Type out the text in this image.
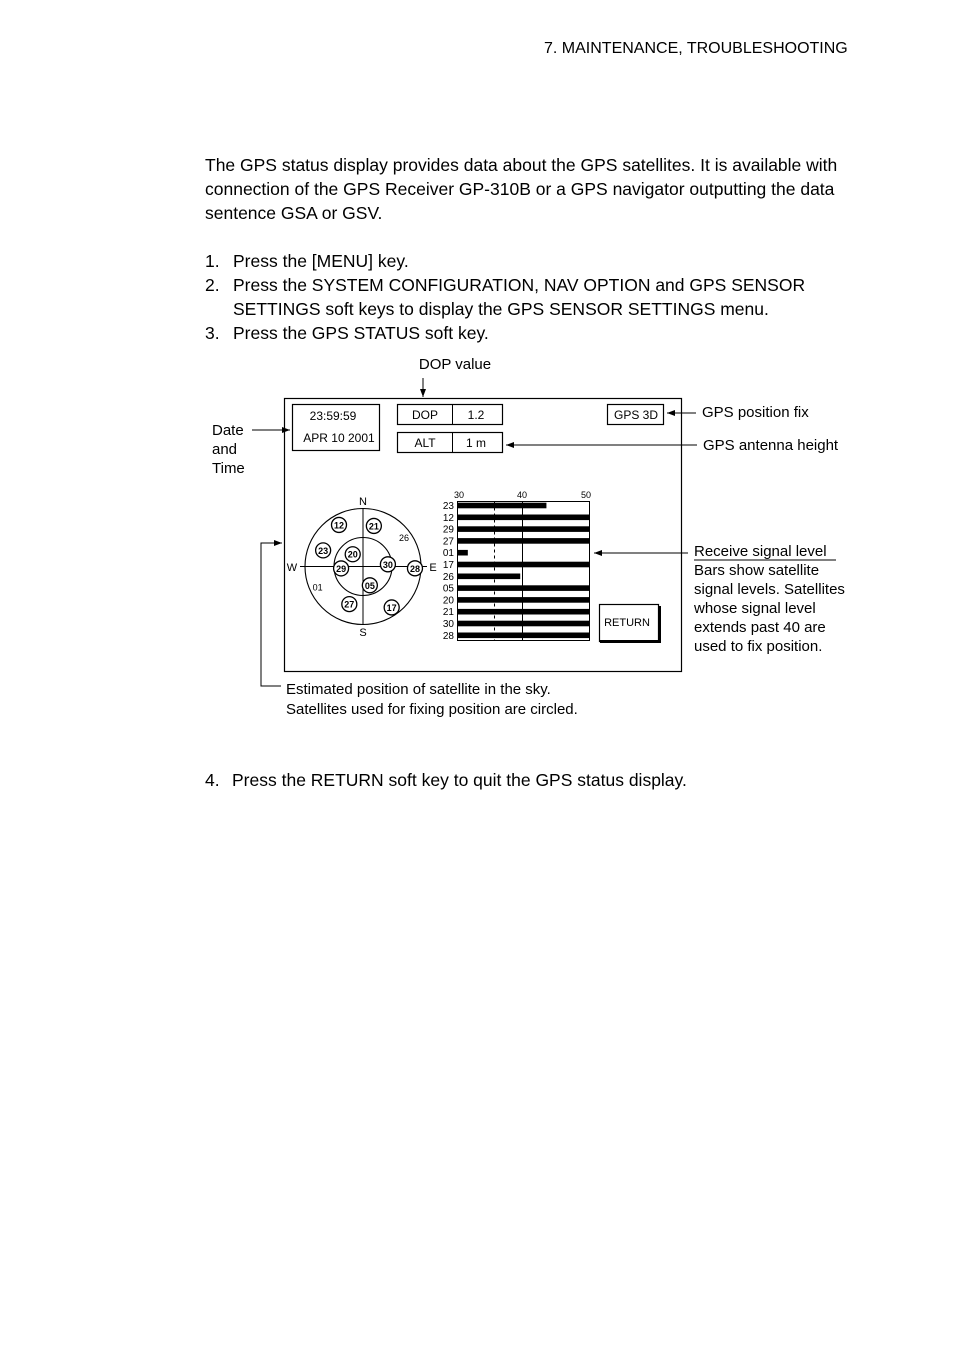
7. MAINTENANCE, TROUBLESHOOTING
The GPS status display provides data about the GPS satellites. It is available with connection of the GPS Receiver GP-310B or a GPS navigator outputting the data sentence GSA or GSV.
1. Press the [MENU] key.
2. Press the SYSTEM CONFIGURATION, NAV OPTION and GPS SENSOR SETTINGS soft keys to display the GPS SENSOR SETTINGS menu.
3. Press the GPS STATUS soft key.
23:59:59
APR 10 2001
DOP 1.2
ALT	1 m
GPS 3D
RETURN
N
S
E
W
12	21
23 20
30
29
05
28
27	17
26
01
30	40	50
23
12
29
27
01
17
26
05
20
21
30
28
DOP value
Date
and
Time
GPS position fix
GPS antenna height
Receive signal level
Bars show satellite
signal levels. Satellites
whose signal level
extends past 40 are
used to fix position.
Estimated position of satellite in the sky.
Satellites used for fixing position are circled.
4. Press the RETURN soft key to quit the GPS status display.
